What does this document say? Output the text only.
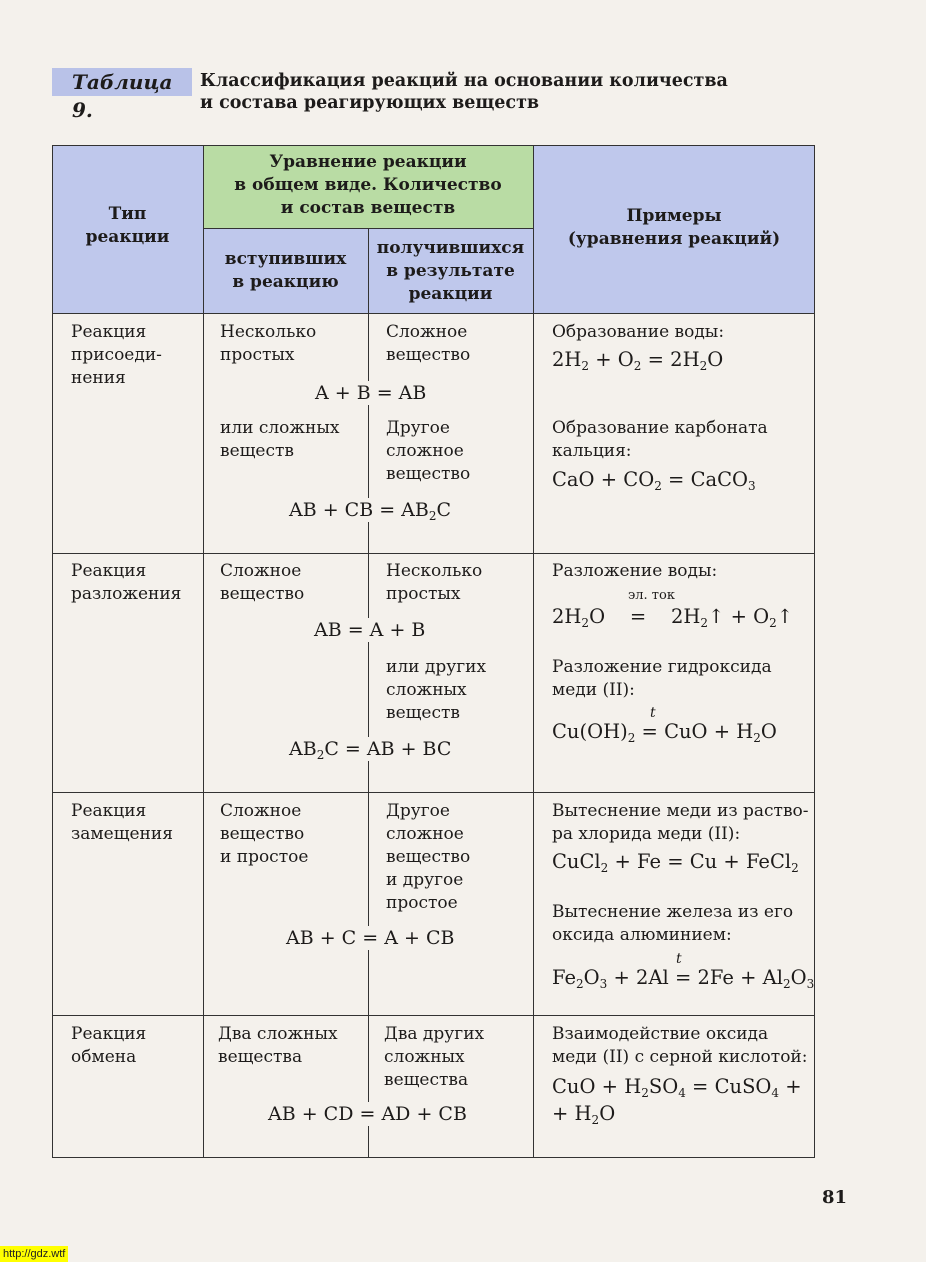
Таблица 9.
Классификация реакций на основании количества
и состава реагирующих веществ
Тип
реакции
Уравнение реакции
в общем виде. Количество
и состав веществ
вступивших
в реакцию
получившихся
в результате
реакции
Примеры
(уравнения реакций)
Реакция
присоеди-
нения
Несколько
простых
Сложное
вещество
A + B = AB
или сложных
веществ
Другое
сложное
вещество
AB + CB = $AB_2C$
Образование воды:
$2H_2 + O_2 = 2H_2O$
Образование карбоната
кальция:
CaO + $CO_2$ = CaCO$_3$
Реакция
разложения
Сложное
вещество
Несколько
простых
AB = A + B
или других
сложных
веществ
$AB_2C$ = AB + BC
Разложение воды:
эл. ток
$2H_2O$    =    $2H_2↑$ + $O_2↑$
Разложение гидроксида
меди (II):
t
$Cu(OH)_2$ = CuO + $H_2O$
Реакция
замещения
Сложное
вещество
и простое
Другое
сложное
вещество
и другое
простое
AB + C = A + CB
Вытеснение меди из раство-
ра хлорида меди (II):
CuCl$_2$ + Fe = Cu + FeCl$_2$
Вытеснение железа из его
оксида алюминием:
t
$Fe_2O_3 + 2Al = 2Fe + Al_2O_3$
Реакция
обмена
Два сложных
вещества
Два других
сложных
вещества
AB + CD = AD + CB
Взаимодействие оксида
меди (II) с серной кислотой:
CuO + $H_2SO_4$ = CuSO$_4$ +
+ $H_2O$
81
http://gdz.wtf
